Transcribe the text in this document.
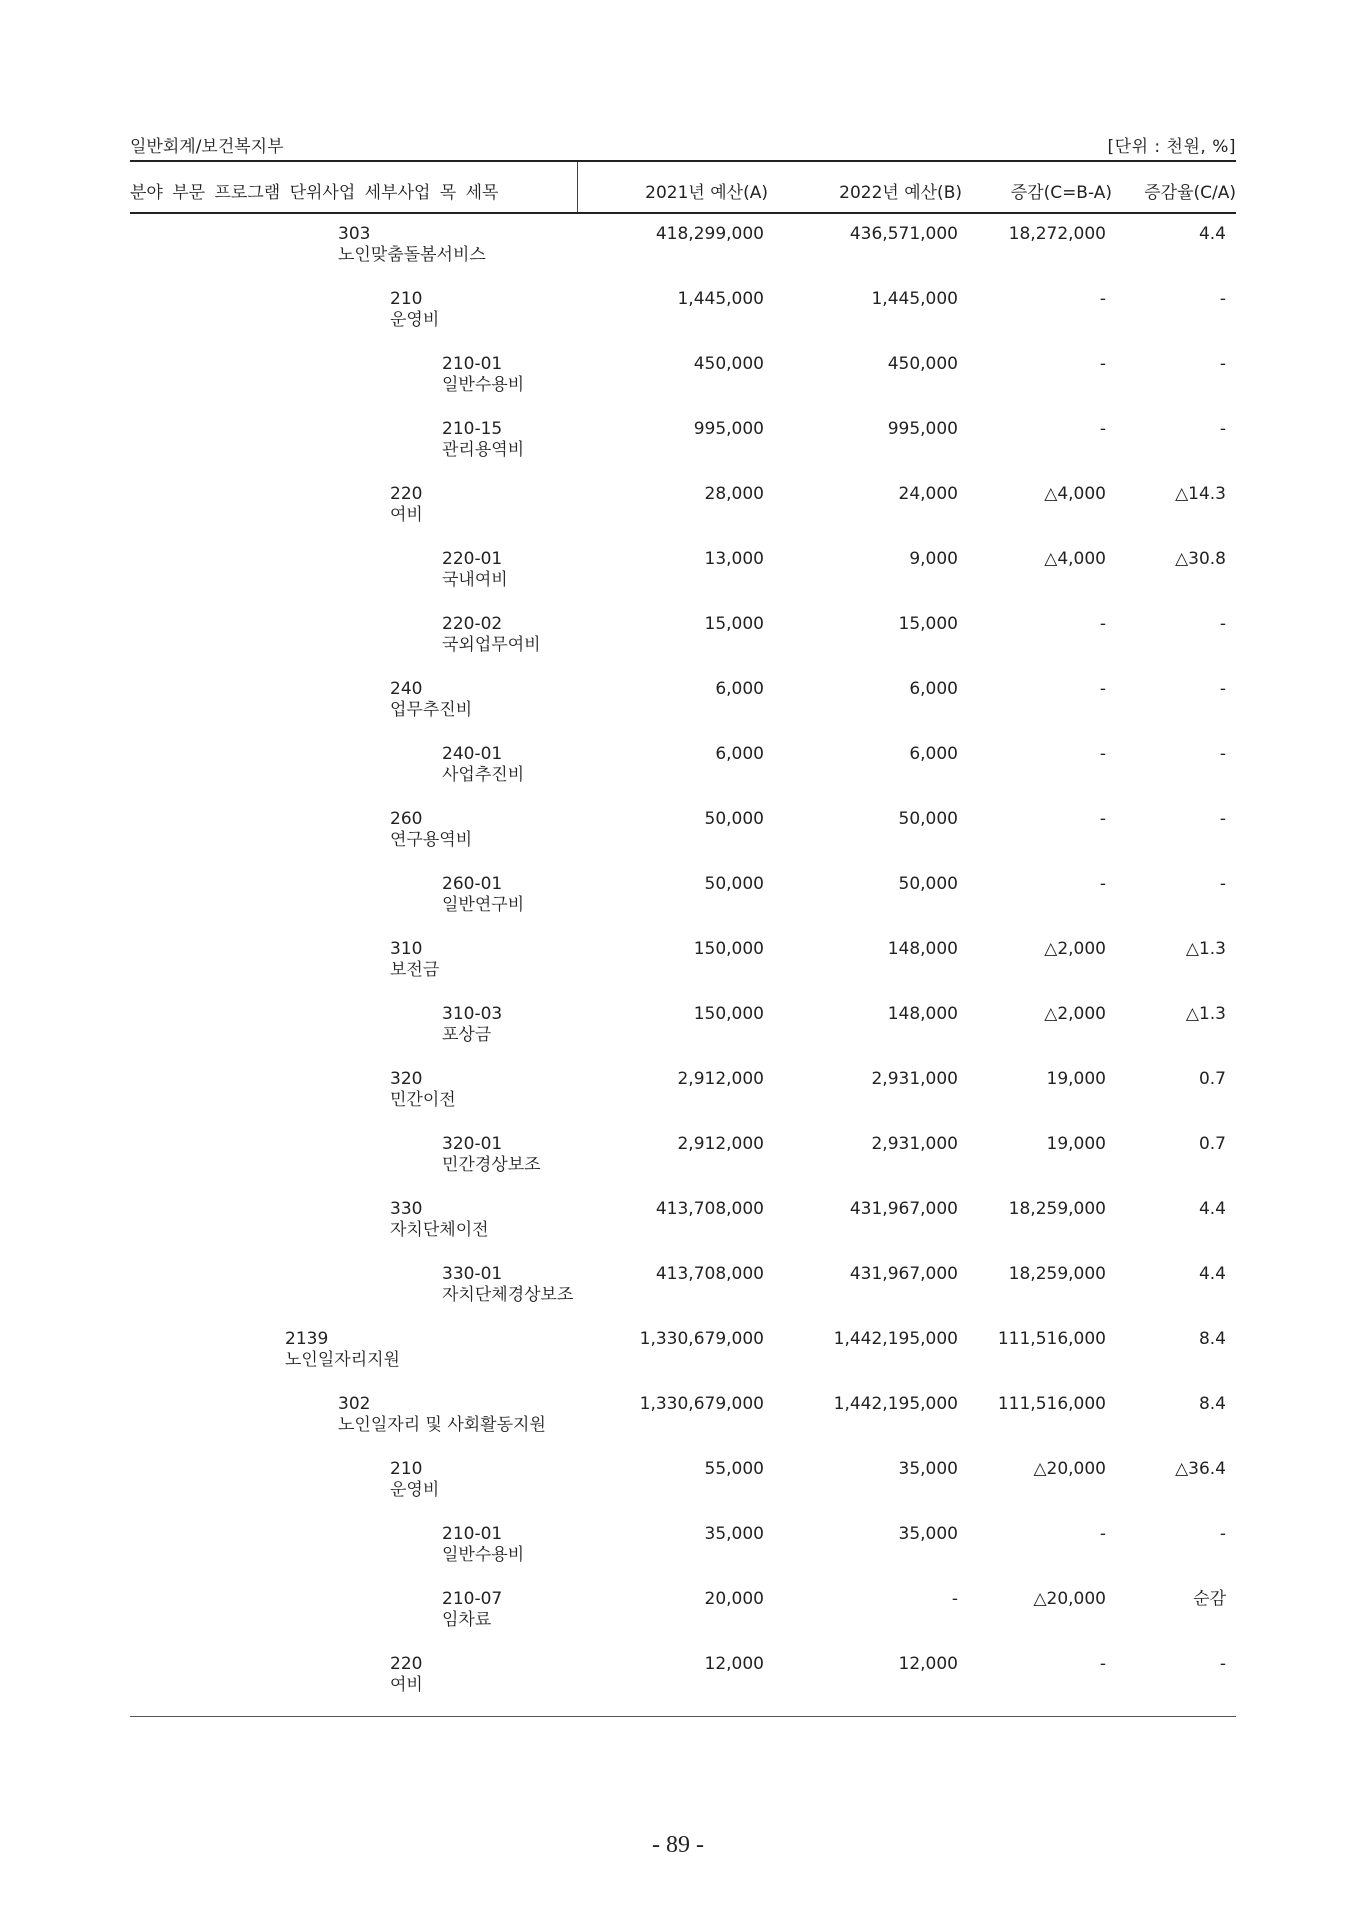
일반회계/보건복지부	[단위 : 천원, %]
분야 부문 프로그램 단위사업 세부사업 목 세목	2021년 예산(A)	2022년 예산(B)	증감(C=B-A)	증감율(C/A)
303
노인맞춤돌봄서비스
418,299,000	436,571,000	18,272,000	4.4
210
운영비
1,445,000	1,445,000	-	-
210-01
일반수용비
450,000	450,000	-	-
210-15
관리용역비
995,000	995,000	-	-
220
여비
28,000	24,000	△4,000	△14.3
220-01
국내여비
13,000	9,000	△4,000	△30.8
220-02
국외업무여비
15,000	15,000	-	-
240
업무추진비
6,000	6,000	-	-
240-01
사업추진비
6,000	6,000	-	-
260
연구용역비
50,000	50,000	-	-
260-01
일반연구비
50,000	50,000	-	-
310
보전금
150,000	148,000	△2,000	△1.3
310-03
포상금
150,000	148,000	△2,000	△1.3
320
민간이전
2,912,000	2,931,000	19,000	0.7
320-01
민간경상보조
2,912,000	2,931,000	19,000	0.7
330
자치단체이전
413,708,000	431,967,000	18,259,000	4.4
330-01
자치단체경상보조
413,708,000	431,967,000	18,259,000	4.4
2139
노인일자리지원
1,330,679,000	1,442,195,000	111,516,000	8.4
302
노인일자리 및 사회활동지원
1,330,679,000	1,442,195,000	111,516,000	8.4
210
운영비
55,000	35,000	△20,000	△36.4
210-01
일반수용비
35,000	35,000	-	-
210-07
임차료
20,000	-	△20,000	순감
220
여비
12,000	12,000	-	-
- 89 -
